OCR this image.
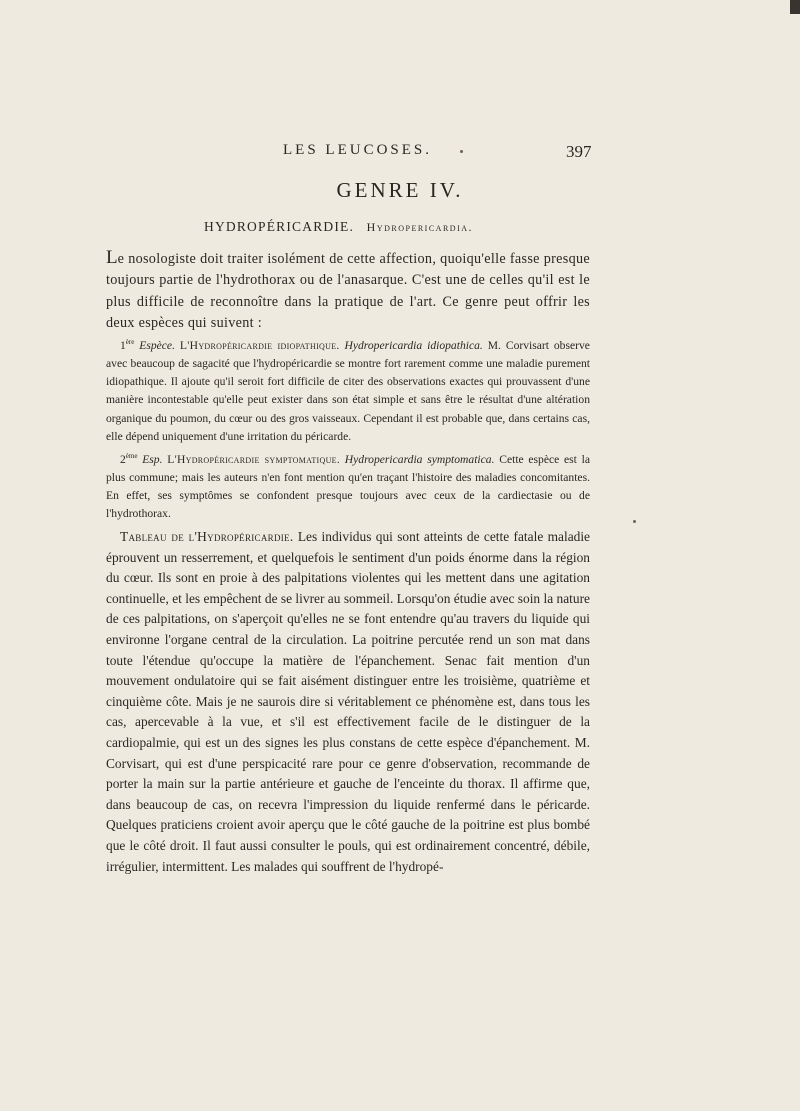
LES LEUCOSES.	397
GENRE IV.
HYDROPÉRICARDIE. Hydropericardia.

Le nosologiste doit traiter isolément de cette affection, quoiqu'elle fasse presque toujours partie de l'hydrothorax ou de l'anasarque. C'est une de celles qu'il est le plus difficile de reconnoître dans la pratique de l'art. Ce genre peut offrir les deux espèces qui suivent :

1ère Espèce. L'Hydropéricardie idiopathique. Hydropericardia idiopathica. M. Corvisart observe avec beaucoup de sagacité que l'hydropéricardie se montre fort rarement comme une maladie purement idiopathique. Il ajoute qu'il seroit fort difficile de citer des observations exactes qui prouvassent d'une manière incontestable qu'elle peut exister dans son état simple et sans être le résultat d'une altération organique du poumon, du cœur ou des gros vaisseaux. Cependant il est probable que, dans certains cas, elle dépend uniquement d'une irritation du péricarde.

2ème Esp. L'Hydropéricardie symptomatique. Hydropericardia symptomatica. Cette espèce est la plus commune; mais les auteurs n'en font mention qu'en traçant l'histoire des maladies concomitantes. En effet, ses symptômes se confondent presque toujours avec ceux de la cardiectasie ou de l'hydrothorax.

Tableau de l'Hydropéricardie. Les individus qui sont atteints de cette fatale maladie éprouvent un resserrement, et quelquefois le sentiment d'un poids énorme dans la région du cœur. Ils sont en proie à des palpitations violentes qui les mettent dans une agitation continuelle, et les empêchent de se livrer au sommeil. Lorsqu'on étudie avec soin la nature de ces palpitations, on s'aperçoit qu'elles ne se font entendre qu'au travers du liquide qui environne l'organe central de la circulation. La poitrine percutée rend un son mat dans toute l'étendue qu'occupe la matière de l'épanchement. Senac fait mention d'un mouvement ondulatoire qui se fait aisément distinguer entre les troisième, quatrième et cinquième côte. Mais je ne saurois dire si véritablement ce phénomène est, dans tous les cas, apercevable à la vue, et s'il est effectivement facile de le distinguer de la cardiopalmie, qui est un des signes les plus constans de cette espèce d'épanchement. M. Corvisart, qui est d'une perspicacité rare pour ce genre d'observation, recommande de porter la main sur la partie antérieure et gauche de l'enceinte du thorax. Il affirme que, dans beaucoup de cas, on recevra l'impression du liquide renfermé dans le péricarde. Quelques praticiens croient avoir aperçu que le côté gauche de la poitrine est plus bombé que le côté droit. Il faut aussi consulter le pouls, qui est ordinairement concentré, débile, irrégulier, intermittent. Les malades qui souffrent de l'hydropé-
